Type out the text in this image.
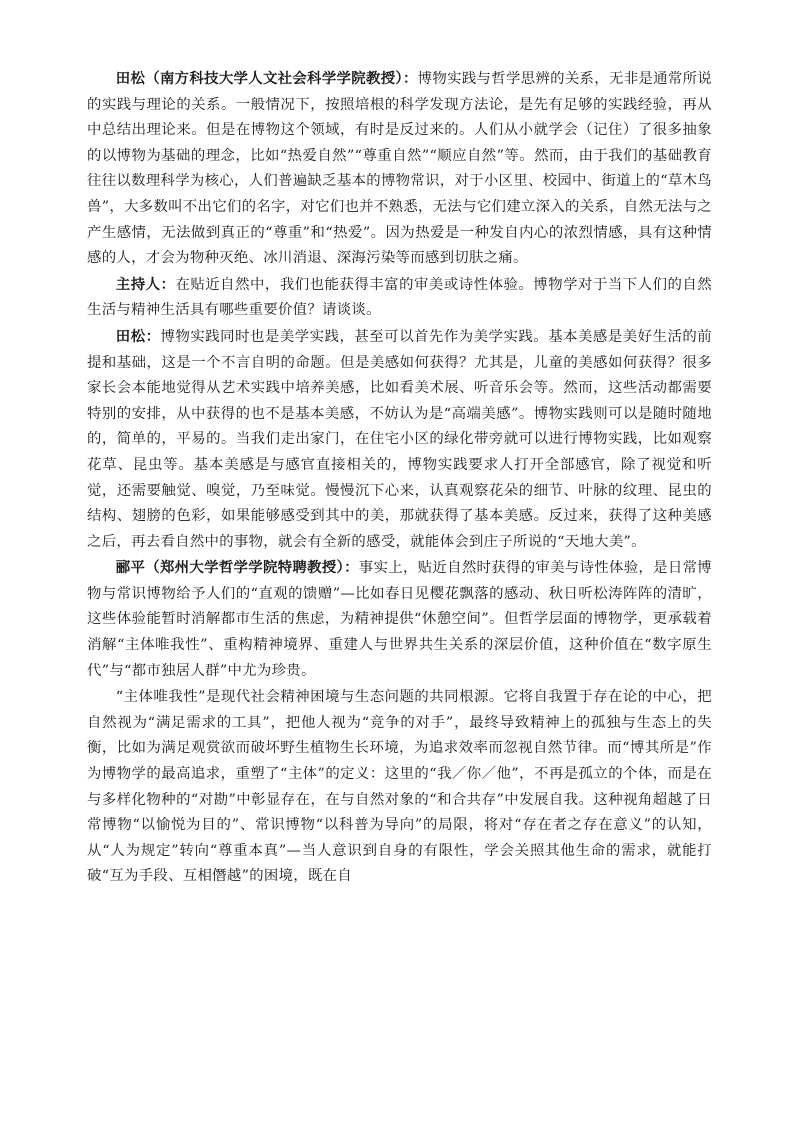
田松（南方科技大学人文社会科学学院教授）：博物实践与哲学思辨的关系，无非是通常所说的实践与理论的关系。一般情况下，按照培根的科学发现方法论，是先有足够的实践经验，再从中总结出理论来。但是在博物这个领域，有时是反过来的。人们从小就学会（记住）了很多抽象的以博物为基础的理念，比如“热爱自然”“尊重自然”“顺应自然”等。然而，由于我们的基础教育往往以数理科学为核心，人们普遍缺乏基本的博物常识，对于小区里、校园中、街道上的“草木鸟兽”，大多数叫不出它们的名字，对它们也并不熟悉，无法与它们建立深入的关系，自然无法与之产生感情，无法做到真正的“尊重”和“热爱”。因为热爱是一种发自内心的浓烈情感，具有这种情感的人，才会为物种灭绝、冰川消退、深海污染等而感到切肤之痛。

主持人：在贴近自然中，我们也能获得丰富的审美或诗性体验。博物学对于当下人们的自然生活与精神生活具有哪些重要价值？请谈谈。

田松：博物实践同时也是美学实践，甚至可以首先作为美学实践。基本美感是美好生活的前提和基础，这是一个不言自明的命题。但是美感如何获得？尤其是，儿童的美感如何获得？很多家长会本能地觉得从艺术实践中培养美感，比如看美术展、听音乐会等。然而，这些活动都需要特别的安排，从中获得的也不是基本美感，不妨认为是“高端美感”。博物实践则可以是随时随地的，简单的，平易的。当我们走出家门，在住宅小区的绿化带旁就可以进行博物实践，比如观察花草、昆虫等。基本美感是与感官直接相关的，博物实践要求人打开全部感官，除了视觉和听觉，还需要触觉、嗅觉，乃至味觉。慢慢沉下心来，认真观察花朵的细节、叶脉的纹理、昆虫的结构、翅膀的色彩，如果能够感受到其中的美，那就获得了基本美感。反过来，获得了这种美感之后，再去看自然中的事物，就会有全新的感受，就能体会到庄子所说的“天地大美”。

郦平（郑州大学哲学学院特聘教授）：事实上，贴近自然时获得的审美与诗性体验，是日常博物与常识博物给予人们的“直观的馈赠”—比如春日见樱花飘落的感动、秋日听松涛阵阵的清旷，这些体验能暂时消解都市生活的焦虑，为精神提供“休憩空间”。但哲学层面的博物学，更承载着消解“主体唯我性”、重构精神境界、重建人与世界共生关系的深层价值，这种价值在“数字原生代”与“都市独居人群”中尤为珍贵。

“主体唯我性”是现代社会精神困境与生态问题的共同根源。它将自我置于存在论的中心，把自然视为“满足需求的工具”，把他人视为“竞争的对手”，最终导致精神上的孤独与生态上的失衡，比如为满足观赏欲而破坏野生植物生长环境，为追求效率而忽视自然节律。而“博其所是”作为博物学的最高追求，重塑了“主体”的定义：这里的“我／你／他”，不再是孤立的个体，而是在与多样化物种的“对勘”中彰显存在，在与自然对象的“和合共存”中发展自我。这种视角超越了日常博物“以愉悦为目的”、常识博物“以科普为导向”的局限，将对“存在者之存在意义”的认知，从“人为规定”转向“尊重本真”—当人意识到自身的有限性，学会关照其他生命的需求，就能打破“互为手段、互相僭越”的困境，既在自
